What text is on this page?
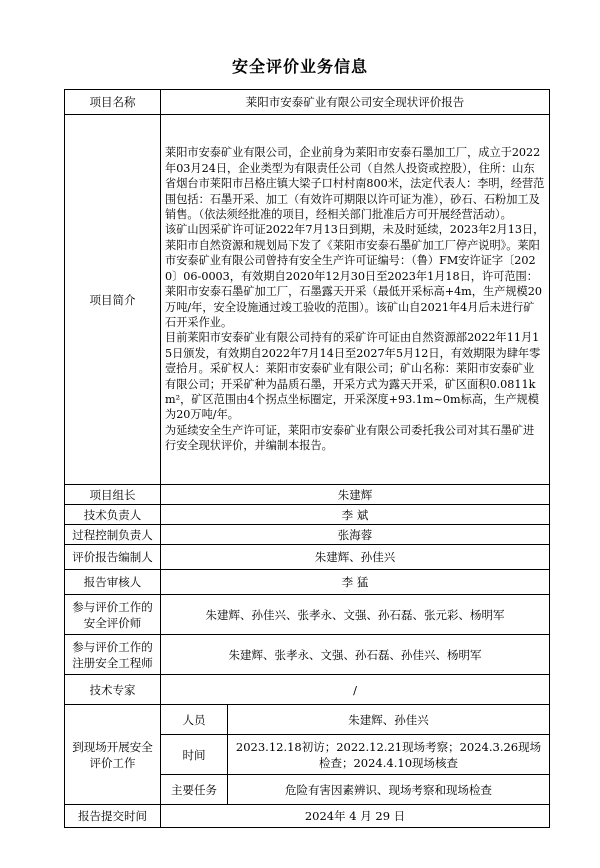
安全评价业务信息
项目名称	莱阳市安泰矿业有限公司安全现状评价报告	
项目简介	莱阳市安泰矿业有限公司，企业前身为莱阳市安泰石墨加工厂，成立于2022年03月24日，企业类型为有限责任公司（自然人投资或控股），住所：山东省烟台市莱阳市吕格庄镇大梁子口村村南800米，法定代表人：李明，经营范围包括：石墨开采、加工（有效许可期限以许可证为准），砂石、石粉加工及销售。（依法须经批准的项目，经相关部门批准后方可开展经营活动）。
该矿山因采矿许可证2022年7月13日到期，未及时延续，2023年2月13日，莱阳市自然资源和规划局下发了《莱阳市安泰石墨矿加工厂停产说明》。莱阳市安泰矿业有限公司曾持有安全生产许可证编号：（鲁）FM安许证字〔2020〕06-0003，有效期自2020年12月30日至2023年1月18日，许可范围：莱阳市安泰石墨矿加工厂，石墨露天开采（最低开采标高+4m，生产规模20万吨/年，安全设施通过竣工验收的范围）。该矿山自2021年4月后未进行矿石开采作业。
目前莱阳市安泰矿业有限公司持有的采矿许可证由自然资源部2022年11月15日颁发，有效期自2022年7月14日至2027年5月12日，有效期限为肆年零壹拾月。采矿权人：莱阳市安泰矿业有限公司；矿山名称：莱阳市安泰矿业有限公司；开采矿种为晶质石墨，开采方式为露天开采，矿区面积0.0811km²，矿区范围由4个拐点坐标圈定，开采深度+93.1m~0m标高，生产规模为20万吨/年。
为延续安全生产许可证，莱阳市安泰矿业有限公司委托我公司对其石墨矿进行安全现状评价，并编制本报告。	

项目组长	朱建辉	
技术负责人	李 斌	
过程控制负责人	张海蓉	
评价报告编制人	朱建辉、孙佳兴	
报告审核人	李 猛	
参与评价工作的安全评价师	朱建辉、孙佳兴、张孝永、文强、孙石磊、张元彩、杨明军	
参与评价工作的注册安全工程师	朱建辉、张孝永、文强、孙石磊、孙佳兴、杨明军	
技术专家	/	
到现场开展安全评价工作	人员	朱建辉、孙佳兴
	时间	2023.12.18初访；2022.12.21现场考察；2024.3.26现场检查；2024.4.10现场核查
	主要任务	危险有害因素辨识、现场考察和现场检查
报告提交时间	2024年 4 月 29 日	
